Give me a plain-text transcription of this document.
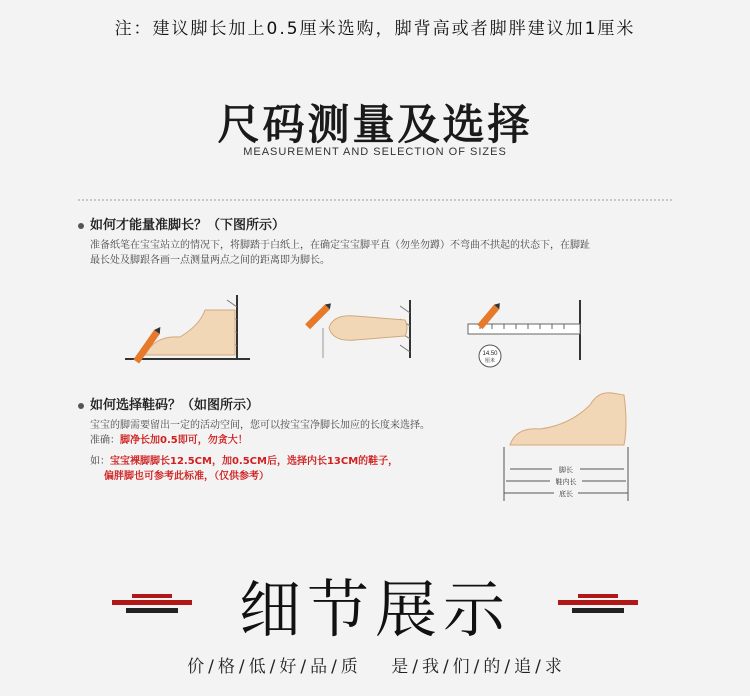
注：建议脚长加上0.5厘米选购，脚背高或者脚胖建议加1厘米
尺码测量及选择
MEASUREMENT AND SELECTION OF SIZES
如何才能量准脚长？（下图所示）
准备纸笔在宝宝站立的情况下，将脚踏于白纸上，在确定宝宝脚平直（勿坐勿蹲）不弯曲不拱起的状态下，在脚趾
最长处及脚跟各画一点测量两点之间的距离即为脚长。
14.50
厘米
如何选择鞋码？（如图所示）
宝宝的脚需要留出一定的活动空间，您可以按宝宝净脚长加应的长度来选择。
准确：脚净长加0.5即可，勿贪大！
如：宝宝裸脚脚长12.5CM，加0.5CM后，选择内长13CM的鞋子，
偏胖脚也可参考此标准，（仅供参考）
脚长
鞋内长
底长
细节展示
价 / 格 / 低 / 好 / 品 / 质 是 / 我 / 们 / 的 / 追 / 求
